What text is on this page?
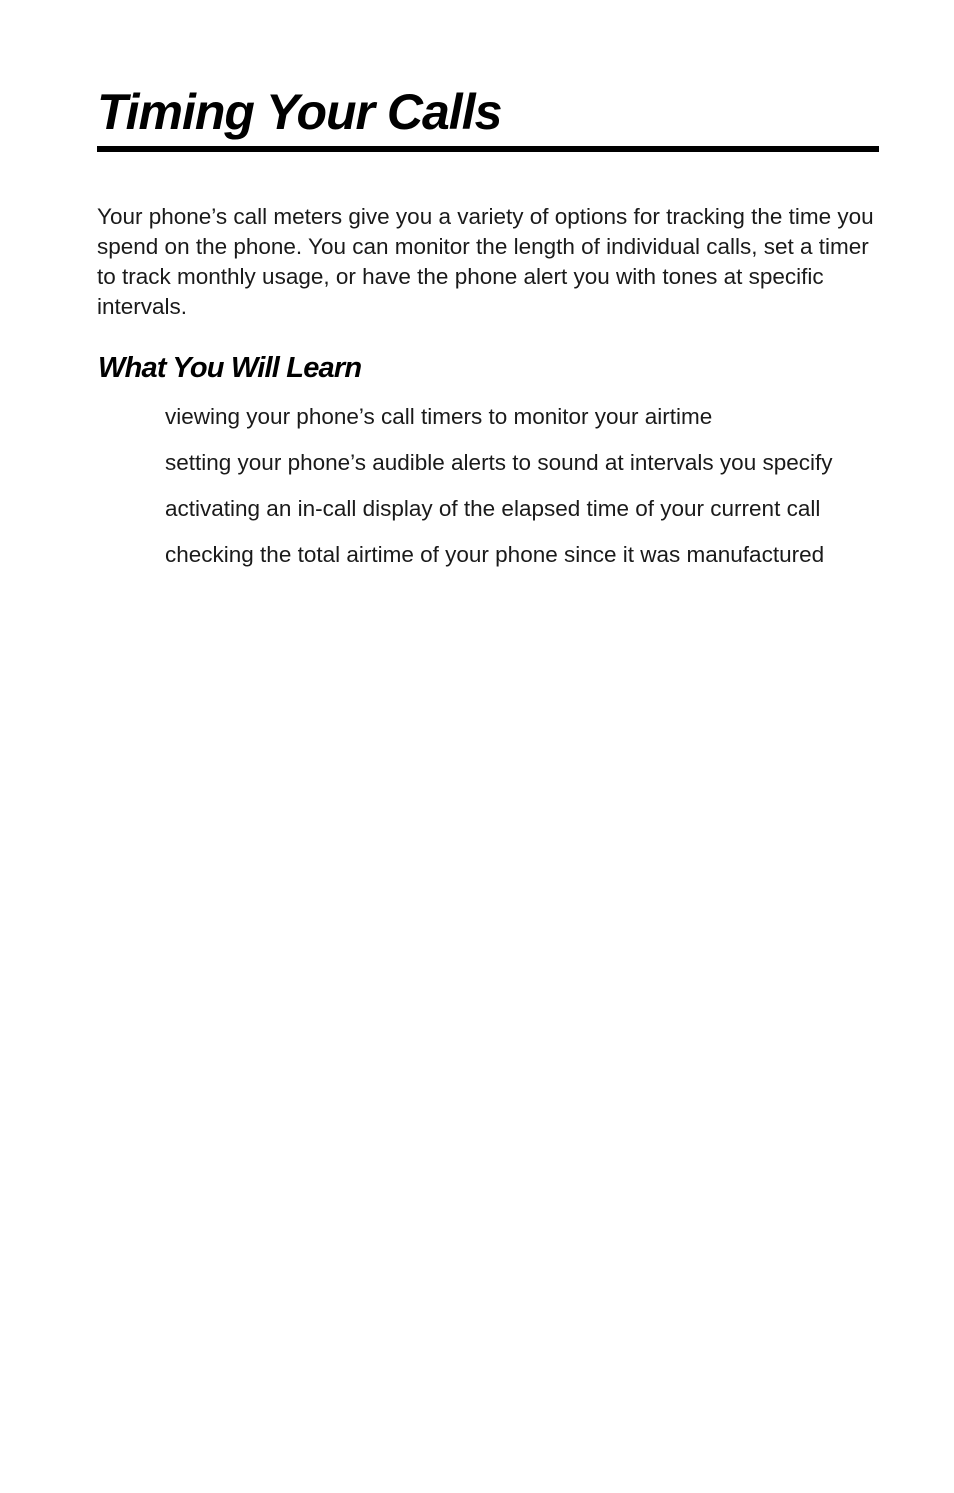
Timing Your Calls

Your phone’s call meters give you a variety of options for tracking the time you spend on the phone. You can monitor the length of individual calls, set a timer to track monthly usage, or have the phone alert you with tones at specific intervals.

What You Will Learn
viewing your phone’s call timers to monitor your airtime
setting your phone’s audible alerts to sound at intervals you specify
activating an in-call display of the elapsed time of your current call
checking the total airtime of your phone since it was manufactured
